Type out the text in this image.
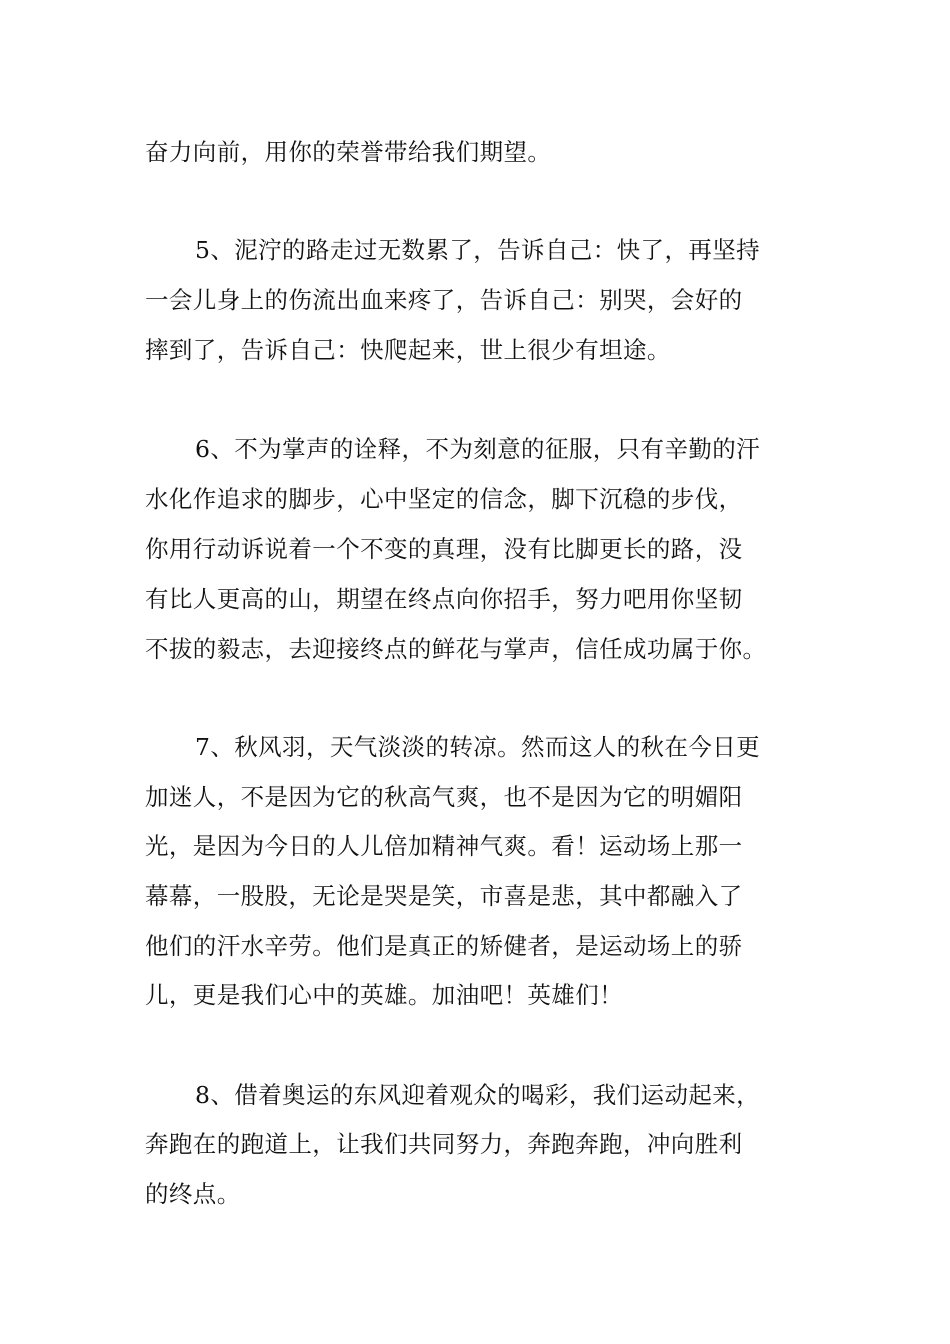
奋力向前，用你的荣誉带给我们期望。
5、泥泞的路走过无数累了，告诉自己：快了，再坚持
一会儿身上的伤流出血来疼了，告诉自己：别哭，会好的
摔到了，告诉自己：快爬起来，世上很少有坦途。
6、不为掌声的诠释，不为刻意的征服，只有辛勤的汗
水化作追求的脚步，心中坚定的信念，脚下沉稳的步伐，
你用行动诉说着一个不变的真理，没有比脚更长的路，没
有比人更高的山，期望在终点向你招手，努力吧用你坚韧
不拔的毅志，去迎接终点的鲜花与掌声，信任成功属于你。
7、秋风羽，天气淡淡的转凉。然而这人的秋在今日更
加迷人，不是因为它的秋高气爽，也不是因为它的明媚阳
光，是因为今日的人儿倍加精神气爽。看！运动场上那一
幕幕，一股股，无论是哭是笑，市喜是悲，其中都融入了
他们的汗水辛劳。他们是真正的矫健者，是运动场上的骄
儿，更是我们心中的英雄。加油吧！英雄们！
8、借着奥运的东风迎着观众的喝彩，我们运动起来，
奔跑在的跑道上，让我们共同努力，奔跑奔跑，冲向胜利
的终点。
